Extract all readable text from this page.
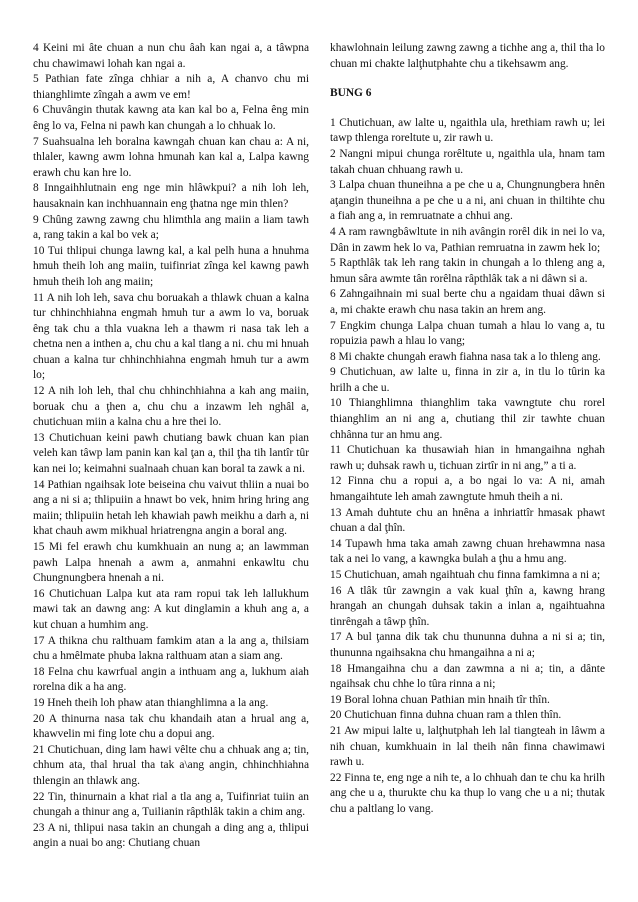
4 Keini mi âte chuan a nun chu âah kan ngai a, a tâwpna chu chawimawi lohah kan ngai a.

5 Pathian fate zînga chhiar a nih a, A chanvo chu mi thianghlimte zîngah a awm ve em!

6 Chuvângin thutak kawng ata kan kal bo a, Felna êng min êng lo va, Felna ni pawh kan chungah a lo chhuak lo.

7 Suahsualna leh boralna kawngah chuan kan chau a: A ni, thlaler, kawng awm lohna hmunah kan kal a, Lalpa kawng erawh chu kan hre lo.

8 Inngaihhlutnain eng nge min hlâwkpui? a nih loh leh, hausaknain kan inchhuannain eng ţhatna nge min thlen?

9 Chûng zawng zawng chu hlimthla ang maiin a liam tawh a, rang takin a kal bo vek a;

10 Tui thlipui chunga lawng kal, a kal pelh huna a hnuhma hmuh theih loh ang maiin, tuifinriat zînga kel kawng pawh hmuh theih loh ang maiin;

11 A nih loh leh, sava chu boruakah a thlawk chuan a kalna tur chhinchhiahna engmah hmuh tur a awm lo va, boruak êng tak chu a thla vuakna leh a thawm ri nasa tak leh a chetna nen a inthen a, chu chu a kal tlang a ni. chu mi hnuah chuan a kalna tur chhinchhiahna engmah hmuh tur a awm lo;

12 A nih loh leh, thal chu chhinchhiahna a kah ang maiin, boruak chu a ţhen a, chu chu a inzawm leh nghâl a, chutichuan miin a kalna chu a hre thei lo.

13 Chutichuan keini pawh chutiang bawk chuan kan pian veleh kan tâwp lam panin kan kal ţan a, thil ţha tih lantîr tûr kan nei lo; keimahni sualnaah chuan kan boral ta zawk a ni.

14 Pathian ngaihsak lote beiseina chu vaivut thliin a nuai bo ang a ni si a; thlipuiin a hnawt bo vek, hnim hring hring ang maiin; thlipuiin hetah leh khawiah pawh meikhu a darh a, ni khat chauh awm mikhual hriatrengna angin a boral ang.

15 Mi fel erawh chu kumkhuain an nung a; an lawmman pawh Lalpa hnenah a awm a, anmahni enkawltu chu Chungnungbera hnenah a ni.

16 Chutichuan Lalpa kut ata ram ropui tak leh lallukhum mawi tak an dawng ang: A kut dinglamin a khuh ang a, a kut chuan a humhim ang.

17 A thikna chu ralthuam famkim atan a la ang a, thilsiam chu a hmêlmate phuba lakna ralthuam atan a siam ang.

18 Felna chu kawrfual angin a inthuam ang a, lukhum aiah rorelna dik a ha ang.

19 Hneh theih loh phaw atan thianghlimna a la ang.

20 A thinurna nasa tak chu khandaih atan a hrual ang a, khawvelin mi fing lote chu a dopui ang.

21 Chutichuan, ding lam hawi vêlte chu a chhuak ang a; tin, chhum ata, thal hrual tha tak a\ang angin, chhinchhiahna thlengin an thlawk ang.

22 Tin, thinurnain a khat rial a tla ang a, Tuifinriat tuiin an chungah a thinur ang a, Tuilianin râpthlâk takin a chim ang.

23 A ni, thlipui nasa takin an chungah a ding ang a, thlipui angin a nuai bo ang: Chutiang chuan

khawlohnain leilung zawng zawng a tichhe ang a, thil tha lo chuan mi chakte lalţhutphahte chu a tikehsawm ang.

BUNG 6

1 Chutichuan, aw lalte u, ngaithla ula, hrethiam rawh u; lei tawp thlenga roreltute u, zir rawh u.

2 Nangni mipui chunga rorêltute u, ngaithla ula, hnam tam takah chuan chhuang rawh u.

3 Lalpa chuan thuneihna a pe che u a, Chungnungbera hnên aţangin thuneihna a pe che u a ni, ani chuan in thiltihte chu a fiah ang a, in remruatnate a chhui ang.

4 A ram rawngbâwltute in nih avângin rorêl dik in nei lo va, Dân in zawm hek lo va, Pathian remruatna in zawm hek lo;

5 Rapthlâk tak leh rang takin in chungah a lo thleng ang a, hmun sâra awmte tân rorêlna râpthlâk tak a ni dâwn si a.

6 Zahngaihnain mi sual berte chu a ngaidam thuai dâwn si a, mi chakte erawh chu nasa takin an hrem ang.

7 Engkim chunga Lalpa chuan tumah a hlau lo vang a, tu ropuizia pawh a hlau lo vang;

8 Mi chakte chungah erawh fiahna nasa tak a lo thleng ang.

9 Chutichuan, aw lalte u, finna in zir a, in tlu lo tûrin ka hrilh a che u.

10 Thianghlimna thianghlim taka vawngtute chu rorel thianghlim an ni ang a, chutiang thil zir tawhte chuan chhânna tur an hmu ang.

11 Chutichuan ka thusawiah hian in hmangaihna nghah rawh u; duhsak rawh u, tichuan zirtîr in ni ang,” a ti a.

12 Finna chu a ropui a, a bo ngai lo va: A ni, amah hmangaihtute leh amah zawngtute hmuh theih a ni.

13 Amah duhtute chu an hnêna a inhriattîr hmasak phawt chuan a dal ţhîn.

14 Tupawh hma taka amah zawng chuan hrehawmna nasa tak a nei lo vang, a kawngka bulah a ţhu a hmu ang.

15 Chutichuan, amah ngaihtuah chu finna famkimna a ni a;

16 A tlâk tûr zawngin a vak kual ţhîn a, kawng hrang hrangah an chungah duhsak takin a inlan a, ngaihtuahna tinrêngah a tâwp ţhîn.

17 A bul ţanna dik tak chu thununna duhna a ni si a; tin, thununna ngaihsakna chu hmangaihna a ni a;

18 Hmangaihna chu a dan zawmna a ni a; tin, a dânte ngaihsak chu chhe lo tûra rinna a ni;

19 Boral lohna chuan Pathian min hnaih tîr thîn.

20 Chutichuan finna duhna chuan ram a thlen thîn.

21 Aw mipui lalte u, lalţhutphah leh lal tiangteah in lâwm a nih chuan, kumkhuain in lal theih nân finna chawimawi rawh u.

22 Finna te, eng nge a nih te, a lo chhuah dan te chu ka hrilh ang che u a, thurukte chu ka thup lo vang che u a ni; thutak chu a paltlang lo vang.
